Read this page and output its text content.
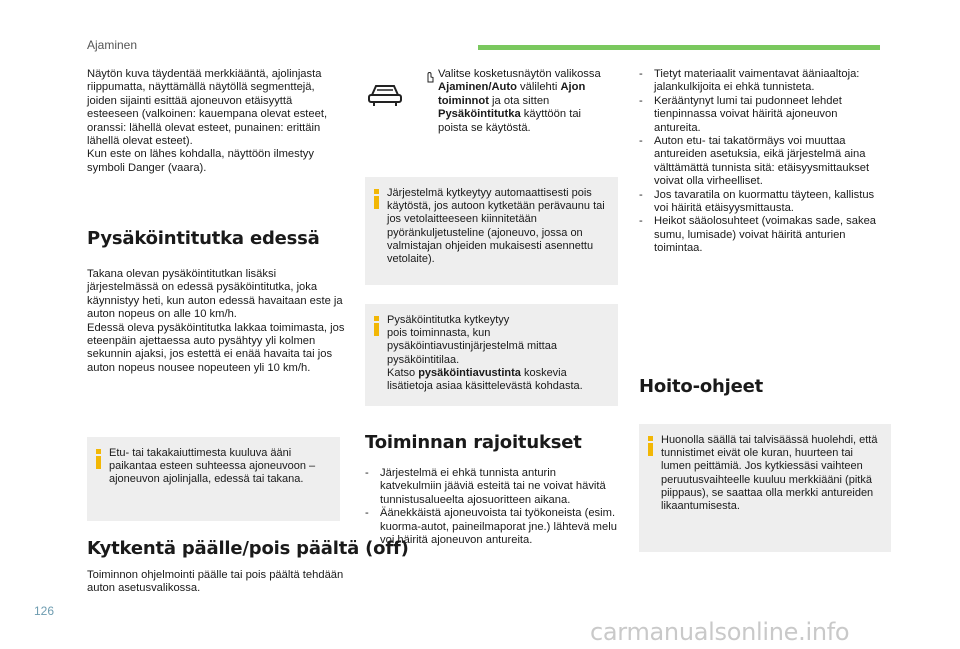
Ajaminen

Näytön kuva täydentää merkkiääntä, ajolinjasta riippumatta, näyttämällä näytöllä segmenttejä, joiden sijainti esittää ajoneuvon etäisyyttä esteeseen (valkoinen: kauempana olevat esteet, oranssi: lähellä olevat esteet, punainen: erittäin lähellä olevat esteet).
Kun este on lähes kohdalla, näyttöön ilmestyy symboli Danger (vaara).

Pysäköintitutka edessä

Takana olevan pysäköintitutkan lisäksi järjestelmässä on edessä pysäköintitutka, joka käynnistyy heti, kun auton edessä havaitaan este ja auton nopeus on alle 10 km/h.
Edessä oleva pysäköintitutka lakkaa toimimasta, jos eteenpäin ajettaessa auto pysähtyy yli kolmen sekunnin ajaksi, jos estettä ei enää havaita tai jos auton nopeus nousee nopeuteen yli 10 km/h.

Etu- tai takakaiuttimesta kuuluva ääni paikantaa esteen suhteessa ajoneuvoon – ajoneuvon ajolinjalla, edessä tai takana.
Kytkentä päälle/pois päältä (off)

Toiminnon ohjelmointi päälle tai pois päältä tehdään auton asetusvalikossa.

Valitse kosketusnäytön valikossa Ajaminen/Auto välilehti Ajon toiminnot ja ota sitten Pysäköintitutka käyttöön tai poista se käytöstä.

Järjestelmä kytkeytyy automaattisesti pois käytöstä, jos autoon kytketään perävaunu tai jos vetolaitteeseen kiinnitetään pyöränkuljetusteline (ajoneuvo, jossa on valmistajan ohjeiden mukaisesti asennettu vetolaite).
Pysäköintitutka kytkeytyy
pois toiminnasta, kun pysäköintiavustinjärjestelmä mittaa pysäköintitilaa.
Katso pysäköintiavustinta koskevia lisätietoja asiaa käsittelevästä kohdasta.
Toiminnan rajoitukset
- Järjestelmä ei ehkä tunnista anturin katvekulmiin jääviä esteitä tai ne voivat hävitä tunnistusalueelta ajosuoritteen aikana.
- Äänekkäistä ajoneuvoista tai työkoneista (esim. kuorma-autot, paineilmaporat jne.) lähtevä melu voi häiritä ajoneuvon antureita.
- Tietyt materiaalit vaimentavat ääniaaltoja: jalankulkijoita ei ehkä tunnisteta.
- Kerääntynyt lumi tai pudonneet lehdet tienpinnassa voivat häiritä ajoneuvon antureita.
- Auton etu- tai takatörmäys voi muuttaa antureiden asetuksia, eikä järjestelmä aina välttämättä tunnista sitä: etäisyysmittaukset voivat olla virheelliset.
- Jos tavaratila on kuormattu täyteen, kallistus voi häiritä etäisyysmittausta.
- Heikot sääolosuhteet (voimakas sade, sakea sumu, lumisade) voivat häiritä anturien toimintaa.
Hoito-ohjeet
Huonolla säällä tai talvisäässä huolehdi, että tunnistimet eivät ole kuran, huurteen tai lumen peittämiä. Jos kytkiessäsi vaihteen peruutusvaihteelle kuuluu merkkiääni (pitkä piippaus), se saattaa olla merkki antureiden likaantumisesta.
126
carmanualsonline.info
